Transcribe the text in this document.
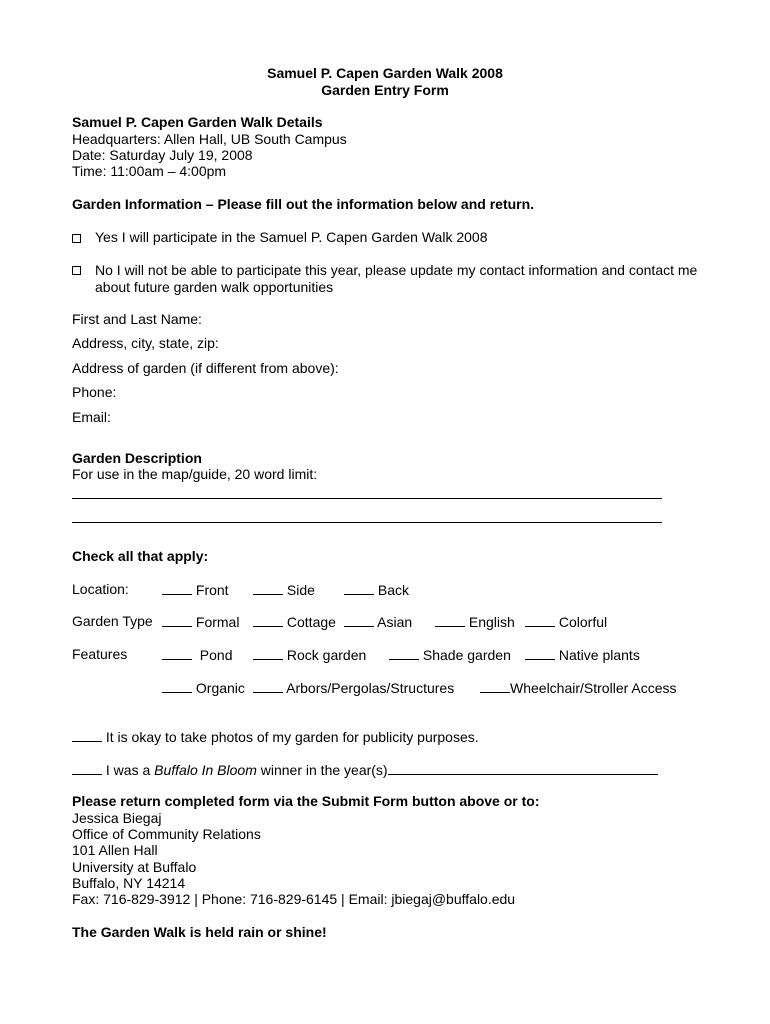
Samuel P. Capen Garden Walk 2008
Garden Entry Form
Samuel P. Capen Garden Walk Details
Headquarters: Allen Hall, UB South Campus
Date: Saturday July 19, 2008
Time: 11:00am – 4:00pm
Garden Information – Please fill out the information below and return.
Yes I will participate in the Samuel P. Capen Garden Walk 2008
No I will not be able to participate this year, please update my contact information and contact me
about future garden walk opportunities
First and Last Name:
Address, city, state, zip:
Address of garden (if different from above):
Phone:
Email:
Garden Description
For use in the map/guide, 20 word limit:
Check all that apply:
Location:	Front	Side	Back
Garden Type	Formal	Cottage	Asian	English	Colorful
Features	Pond	Rock garden	Shade garden	Native plants
Organic	Arbors/Pergolas/Structures	Wheelchair/Stroller Access
It is okay to take photos of my garden for publicity purposes.
I was a Buffalo In Bloom winner in the year(s)
Please return completed form via the Submit Form button above or to:
Jessica Biegaj
Office of Community Relations
101 Allen Hall
University at Buffalo
Buffalo, NY 14214
Fax: 716-829-3912 | Phone: 716-829-6145 | Email: jbiegaj@buffalo.edu
The Garden Walk is held rain or shine!
